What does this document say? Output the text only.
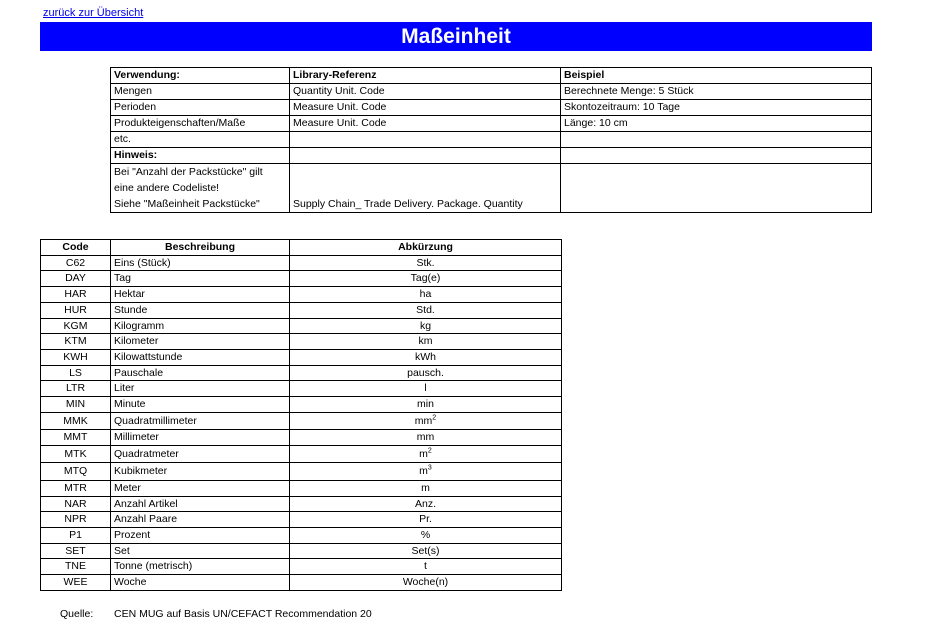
zurück zur Übersicht
Maßeinheit
Verwendung:	Library-Referenz	Beispiel
Mengen	Quantity Unit. Code	Berechnete Menge: 5 Stück
Perioden	Measure Unit. Code	Skontozeitraum: 10 Tage
Produkteigenschaften/Maße	Measure Unit. Code	Länge: 10 cm
etc.		
Hinweis:		

Bei "Anzahl der Packstücke" gilt
eine andere Codeliste!
Siehe "Maßeinheit Packstücke"	Supply Chain_ Trade Delivery. Package. Quantity	
Code	Beschreibung	Abkürzung
C62	Eins (Stück)	Stk.
DAY	Tag	Tag(e)
HAR	Hektar	ha
HUR	Stunde	Std.
KGM	Kilogramm	kg
KTM	Kilometer	km
KWH	Kilowattstunde	kWh
LS	Pauschale	pausch.
LTR	Liter	l
MIN	Minute	min
MMK	Quadratmillimeter	$mm^2$
MMT	Millimeter	mm
MTK	Quadratmeter	$m^2$
MTQ	Kubikmeter	$m^3$
MTR	Meter	m
NAR	Anzahl Artikel	Anz.
NPR	Anzahl Paare	Pr.
P1	Prozent	%
SET	Set	Set(s)
TNE	Tonne (metrisch)	t
WEE	Woche	Woche(n)
Quelle: CEN MUG auf Basis UN/CEFACT Recommendation 20
